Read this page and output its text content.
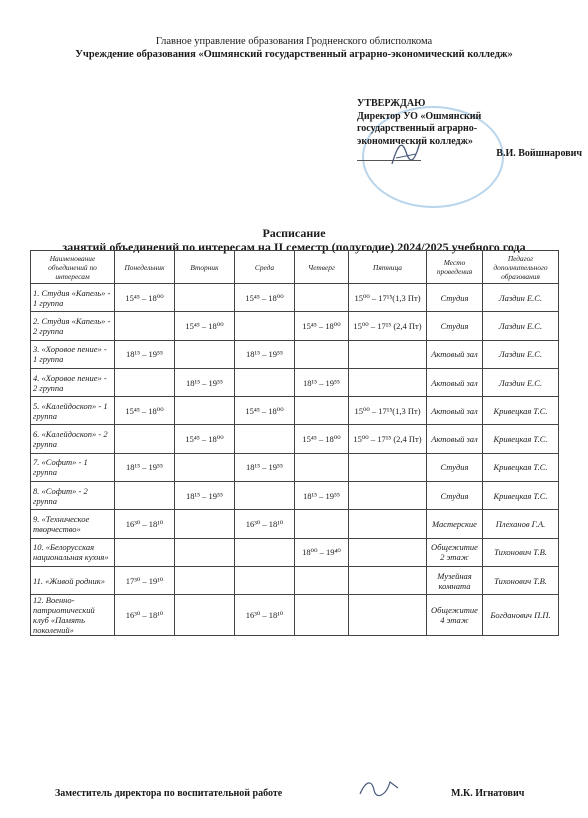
Главное управление образования Гродненского облисполкома
Учреждение образования «Ошмянский государственный аграрно-экономический колледж»
УТВЕРЖДАЮ
Директор УО «Ошмянский
государственный аграрно-
экономический колледж»
В.И. Войшнарович
Расписание
занятий объединений по интересам на II семестр (полугодие) 2024/2025 учебного года
Наименование объединений по интересам	Понедельник	Вторник	Среда	Четверг	Пятница	Место проведения	Педагог дополнительного образования
1. Студия «Капель» - 1 группа	15⁴⁵ – 18⁰⁰		15⁴⁵ – 18⁰⁰		15⁰⁰ – 17¹⁵(1,3 Пт)	Студия	Лаздин Е.С.
2. Студия «Капель» - 2 группа		15⁴⁵ – 18⁰⁰		15⁴⁵ – 18⁰⁰	15⁰⁰ – 17¹⁵ (2,4 Пт)	Студия	Лаздин Е.С.
3. «Хоровое пение» - 1 группа	18¹⁵ – 19⁵⁵		18¹⁵ – 19⁵⁵			Актовый зал	Лаздин Е.С.
4. «Хоровое пение» - 2 группа		18¹⁵ – 19⁵⁵		18¹⁵ – 19⁵⁵		Актовый зал	Лаздин Е.С.
5. «Калейдоскоп» - 1 группа	15⁴⁵ – 18⁰⁰		15⁴⁵ – 18⁰⁰		15⁰⁰ – 17¹⁵(1,3 Пт)	Актовый зал	Кривецкая Т.С.
6. «Калейдоскоп» - 2 группа		15⁴⁵ – 18⁰⁰		15⁴⁵ – 18⁰⁰	15⁰⁰ – 17¹⁵ (2,4 Пт)	Актовый зал	Кривецкая Т.С.
7. «Софит» - 1 группа	18¹⁵ – 19⁵⁵		18¹⁵ – 19⁵⁵			Студия	Кривецкая Т.С.
8. «Софит» - 2 группа		18¹⁵ – 19⁵⁵		18¹⁵ – 19⁵⁵		Студия	Кривецкая Т.С.
9. «Техническое творчество»	16³⁰ – 18¹⁰		16³⁰ – 18¹⁰			Мастерские	Плеханов Г.А.
10. «Белорусская национальная кухня»				18⁰⁰ – 19⁴⁰		Общежитие 2 этаж	Тихонович Т.В.
11. «Живой родник»	17³⁰ – 19¹⁰					Музейная комната	Тихонович Т.В.
12. Военно-патриотический клуб «Память поколений»	16³⁰ – 18¹⁰		16³⁰ – 18¹⁰			Общежитие 4 этаж	Богданович П.П.
Заместитель директора по воспитательной работе	М.К. Игнатович
